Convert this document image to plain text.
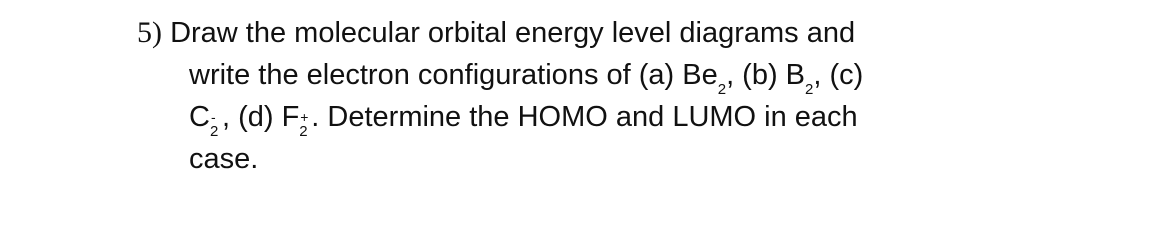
5) Draw the molecular orbital energy level diagrams and
write the electron configurations of (a) Be2, (b) B2, (c)
C2
- , (d) F2
+ . Determine the HOMO and LUMO in each
case.
